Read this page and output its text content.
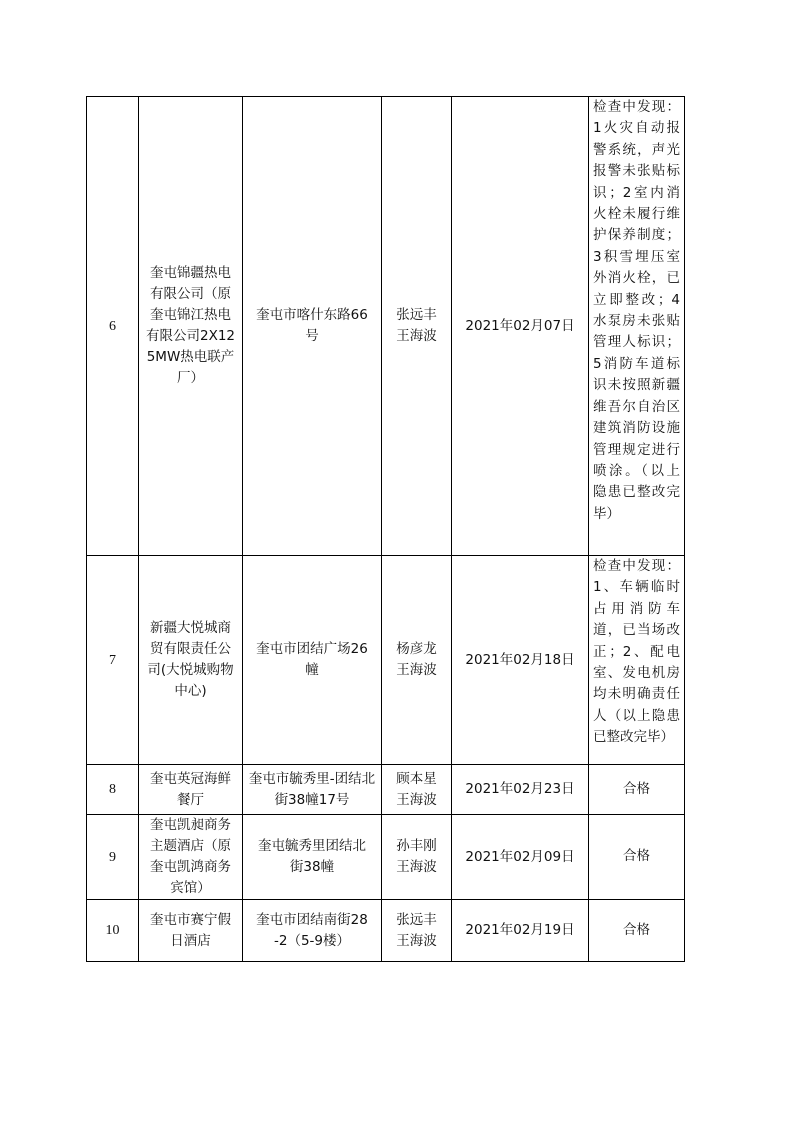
6	奎屯锦疆热电有限公司（原奎屯锦江热电有限公司2X125MW热电联产厂）	奎屯市喀什东路66号	张远丰王海波	2021年02月07日	检查中发现：1火灾自动报警系统，声光报警未张贴标识；2室内消火栓未履行维护保养制度；3积雪埋压室外消火栓，已立即整改；4水泵房未张贴管理人标识；5消防车道标识未按照新疆维吾尔自治区建筑消防设施管理规定进行喷涂。（以上隐患已整改完毕）
7	新疆大悦城商贸有限责任公司(大悦城购物中心)	奎屯市团结广场26幢	杨彦龙王海波	2021年02月18日	检查中发现：1、车辆临时占用消防车道，已当场改正；2、配电室、发电机房均未明确责任人（以上隐患已整改完毕）
8	奎屯英冠海鲜餐厅	奎屯市毓秀里-团结北街38幢17号	顾本星王海波	2021年02月23日	合格
9	奎屯凯昶商务主题酒店（原奎屯凯鸿商务宾馆）	奎屯毓秀里团结北街38幢	孙丰刚王海波	2021年02月09日	合格
10	奎屯市赛宁假日酒店	奎屯市团结南街28-2（5-9楼）	张远丰王海波	2021年02月19日	合格
